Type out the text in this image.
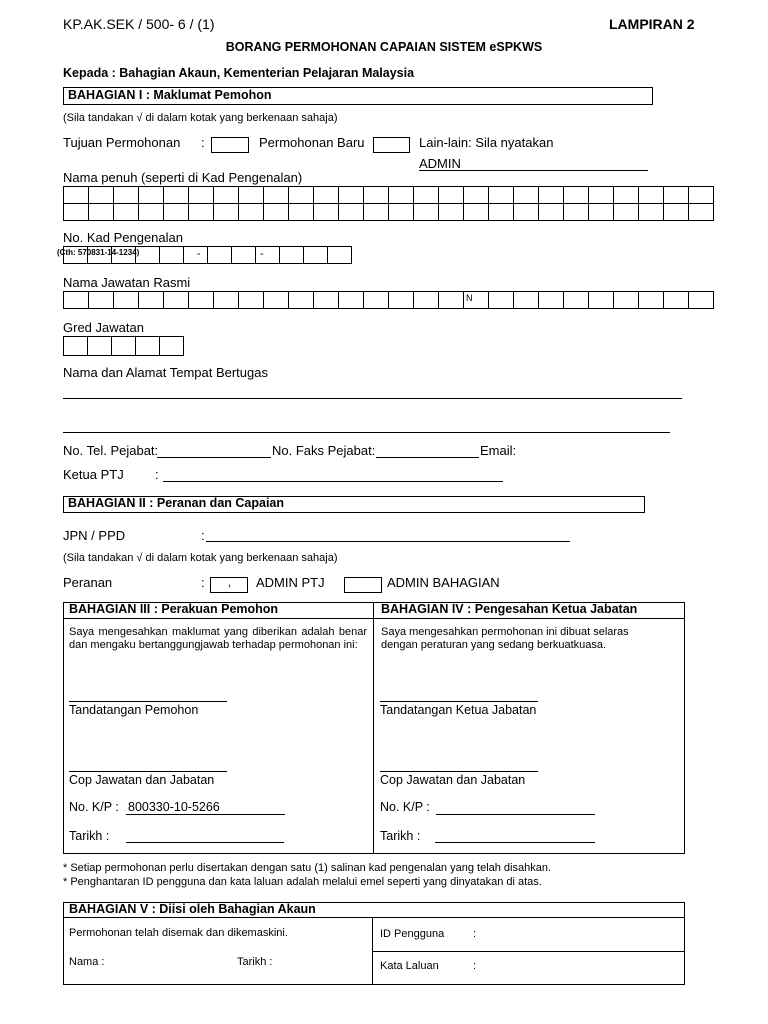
KP.AK.SEK / 500- 6 / (1)	LAMPIRAN 2
BORANG PERMOHONAN CAPAIAN SISTEM eSPKWS
Kepada : Bahagian Akaun, Kementerian Pelajaran Malaysia
BAHAGIAN I : Maklumat Pemohon
(Sila tandakan √ di dalam kotak yang berkenaan sahaja)
Tujuan Permohonan :	Permohonan Baru	Lain-lain: Sila nyatakan
ADMIN
Nama penuh (seperti di Kad Pengenalan)
No. Kad Pengenalan
(Cth: 570831-14-1234)	-	-
Nama Jawatan Rasmi
N
Gred Jawatan
Nama dan Alamat Tempat Bertugas
No. Tel. Pejabat:	No. Faks Pejabat:	Email:
Ketua PTJ :
BAHAGIAN II : Peranan dan Capaian
JPN / PPD	:
(Sila tandakan √ di dalam kotak yang berkenaan sahaja)
Peranan	: , ADMIN PTJ	ADMIN BAHAGIAN
BAHAGIAN III : Perakuan Pemohon	BAHAGIAN IV : Pengesahan Ketua Jabatan
Saya mengesahkan maklumat yang diberikan adalah benar dan mengaku bertanggungjawab terhadap permohonan ini:
Saya mengesahkan permohonan ini dibuat selaras dengan peraturan yang sedang berkuatkuasa.
Tandatangan Pemohon	Tandatangan Ketua Jabatan
Cop Jawatan dan Jabatan	Cop Jawatan dan Jabatan
No. K/P : 800330-10-5266	No. K/P :
Tarikh :	Tarikh :
* Setiap permohonan perlu disertakan dengan satu (1) salinan kad pengenalan yang telah disahkan.
* Penghantaran ID pengguna dan kata laluan adalah melalui emel seperti yang dinyatakan di atas.
BAHAGIAN V : Diisi oleh Bahagian Akaun
Permohonan telah disemak dan dikemaskini.
Nama :	Tarikh :
ID Pengguna	:
Kata Laluan	:
